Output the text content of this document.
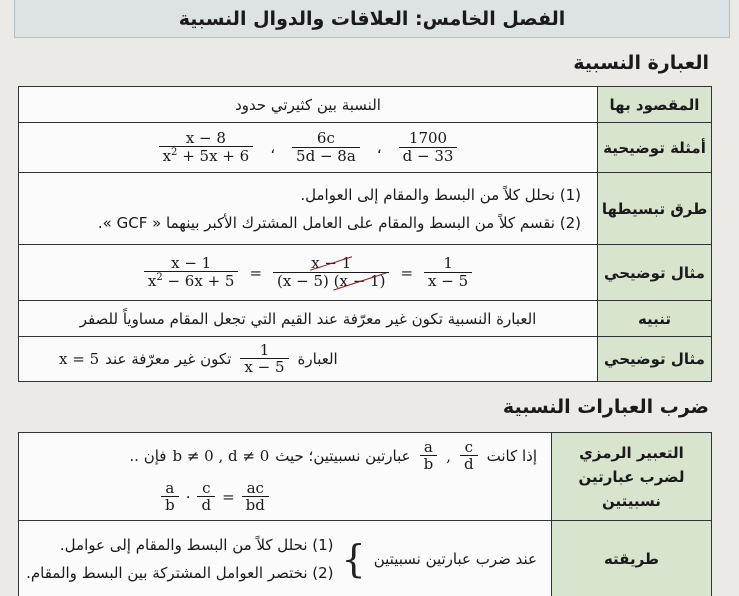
الفصل الخامس: العلاقات والدوال النسبية
العبارة النسبية
المقصود بها
النسبة بين كثيرتي حدود
أمثلة توضيحية
$\frac{x - 8}{x^2 + 5x + 6}$ ، $\frac{6c}{5d - 8a}$ ، $\frac{1700}{d - 33}$
طرق تبسيطها
(1) نحلل كلاً من البسط والمقام إلى العوامل.
(2) نقسم كلاً من البسط والمقام على العامل المشترك الأكبر بينهما « GCF ».
مثال توضيحي
$\frac{x - 1}{x^2 - 6x + 5} = \frac{x - 1}{(x - 5) (x - 1)} = \frac{1}{x - 5}$
تنبيه
العبارة النسبية تكون غير معرّفة عند القيم التي تجعل المقام مساوياً للصفر
مثال توضيحي
العبارة
$\frac{1}{x - 5}$
تكون غير معرّفة عند
x = 5
ضرب العبارات النسبية
التعبير الرمزي لضرب عبارتين نسبيتين
إذا كانت
$\frac{c}{d}$
,
$\frac{a}{b}$
عبارتين نسبيتين؛ حيث
b ≠ 0 , d ≠ 0
فإن ..
$\frac{a}{b} \cdot \frac{c}{d} = \frac{ac}{bd}$
طريقته
عند ضرب عبارتين نسبيتين
}
(1) نحلل كلاً من البسط والمقام إلى عوامل.
(2) نختصر العوامل المشتركة بين البسط والمقام.
